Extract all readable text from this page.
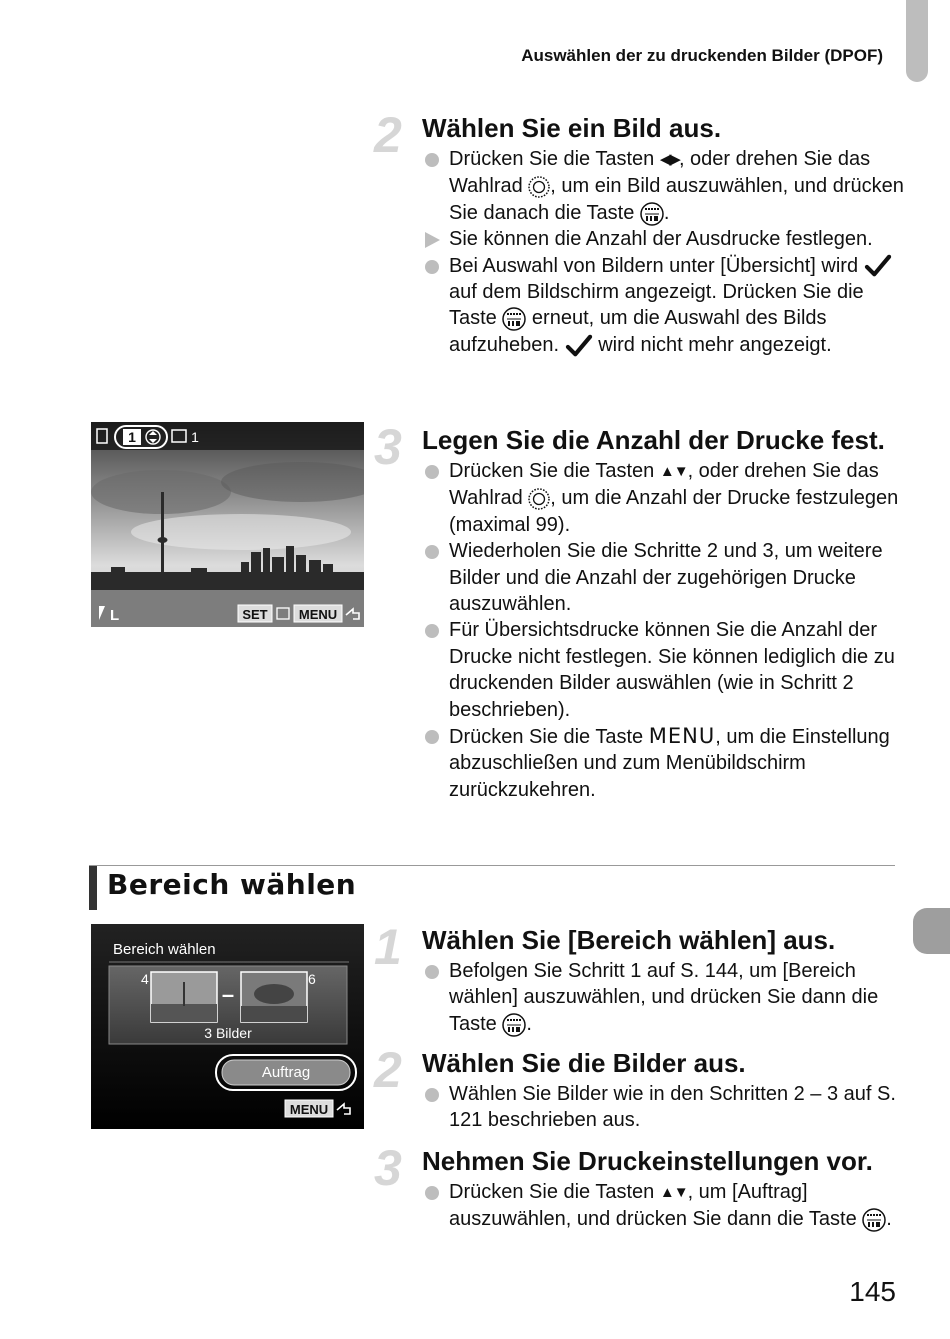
Auswählen der zu druckenden Bilder (DPOF)
2 Wählen Sie ein Bild aus.
Drücken Sie die Tasten ◀▶, oder drehen Sie das Wahlrad , um ein Bild auszuwählen, und drücken Sie danach die Taste .
Sie können die Anzahl der Ausdrucke festlegen.
Bei Auswahl von Bildern unter [Übersicht] wird  auf dem Bildschirm angezeigt. Drücken Sie die Taste  erneut, um die Auswahl des Bilds aufzuheben.  wird nicht mehr angezeigt.
1	1
L	SET MENU
3 Legen Sie die Anzahl der Drucke fest.
Drücken Sie die Tasten ▲▼, oder drehen Sie das Wahlrad , um die Anzahl der Drucke festzulegen (maximal 99).
Wiederholen Sie die Schritte 2 und 3, um weitere Bilder und die Anzahl der zugehörigen Drucke auszuwählen.
Für Übersichtsdrucke können Sie die Anzahl der Drucke nicht festlegen. Sie können lediglich die zu druckenden Bilder auswählen (wie in Schritt 2 beschrieben).
Drücken Sie die Taste MENU, um die Einstellung abzuschließen und zum Menübildschirm zurückzukehren.
Bereich wählen
Bereich wählen
4
–
6
3 Bilder
Auftrag
MENU
1 Wählen Sie [Bereich wählen] aus.
Befolgen Sie Schritt 1 auf S. 144, um [Bereich wählen] auszuwählen, und drücken Sie dann die Taste .
2 Wählen Sie die Bilder aus.
Wählen Sie Bilder wie in den Schritten 2 – 3 auf S. 121 beschrieben aus.
3 Nehmen Sie Druckeinstellungen vor.
Drücken Sie die Tasten ▲▼, um [Auftrag] auszuwählen, und drücken Sie dann die Taste .
145
